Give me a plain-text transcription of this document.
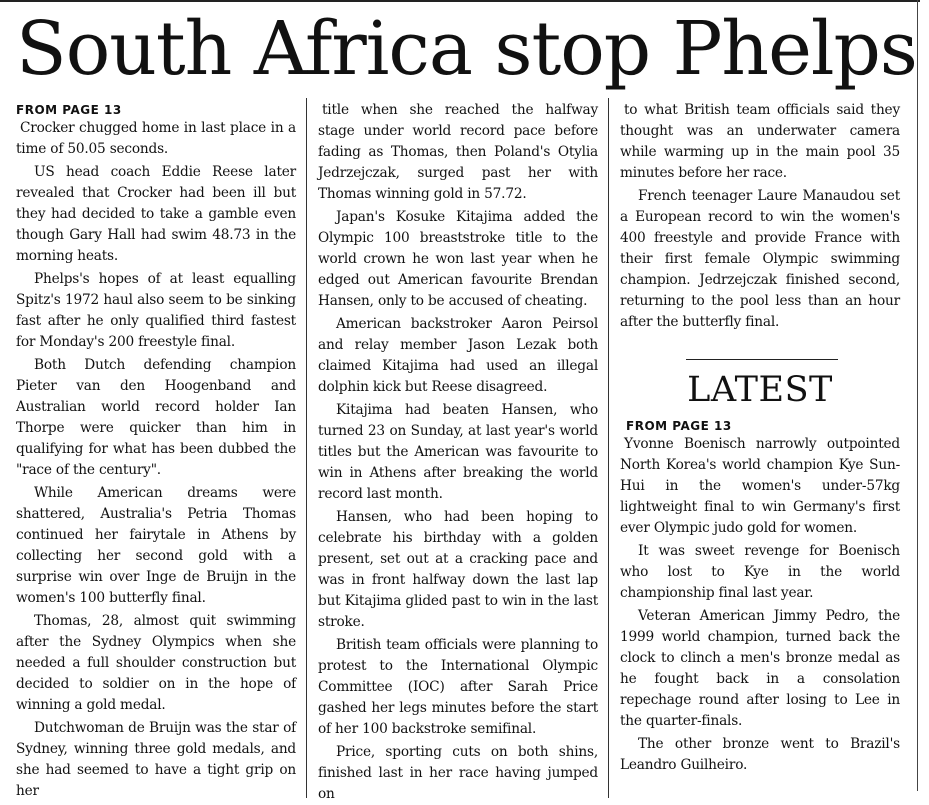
South Africa stop Phelps
FROM PAGE 13

Crocker chugged home in last place in a time of 50.05 seconds.

US head coach Eddie Reese later revealed that Crocker had been ill but they had decided to take a gamble even though Gary Hall had swim 48.73 in the morning heats.

Phelps's hopes of at least equalling Spitz's 1972 haul also seem to be sinking fast after he only qualified third fastest for Monday's 200 freestyle final.

Both Dutch defending champion Pieter van den Hoogenband and Australian world record holder Ian Thorpe were quicker than him in qualifying for what has been dubbed the "race of the century".

While American dreams were shattered, Australia's Petria Thomas continued her fairytale in Athens by collecting her second gold with a surprise win over Inge de Bruijn in the women's 100 butterfly final.

Thomas, 28, almost quit swimming after the Sydney Olympics when she needed a full shoulder construction but decided to soldier on in the hope of winning a gold medal.

Dutchwoman de Bruijn was the star of Sydney, winning three gold medals, and she had seemed to have a tight grip on her

title when she reached the halfway stage under world record pace before fading as Thomas, then Poland's Otylia Jedrzejczak, surged past her with Thomas winning gold in 57.72.

Japan's Kosuke Kitajima added the Olympic 100 breaststroke title to the world crown he won last year when he edged out American favourite Brendan Hansen, only to be accused of cheating.

American backstroker Aaron Peirsol and relay member Jason Lezak both claimed Kitajima had used an illegal dolphin kick but Reese disagreed.

Kitajima had beaten Hansen, who turned 23 on Sunday, at last year's world titles but the American was favourite to win in Athens after breaking the world record last month.

Hansen, who had been hoping to celebrate his birthday with a golden present, set out at a cracking pace and was in front halfway down the last lap but Kitajima glided past to win in the last stroke.

British team officials were planning to protest to the International Olympic Committee (IOC) after Sarah Price gashed her legs minutes before the start of her 100 backstroke semifinal.

Price, sporting cuts on both shins, finished last in her race having jumped on

to what British team officials said they thought was an underwater camera while warming up in the main pool 35 minutes before her race.

French teenager Laure Manaudou set a European record to win the women's 400 freestyle and provide France with their first female Olympic swimming champion. Jedrzejczak finished second, returning to the pool less than an hour after the butterfly final.

LATEST
FROM PAGE 13

Yvonne Boenisch narrowly outpointed North Korea's world champion Kye Sun-Hui in the women's under-57kg lightweight final to win Germany's first ever Olympic judo gold for women.

It was sweet revenge for Boenisch who lost to Kye in the world championship final last year.

Veteran American Jimmy Pedro, the 1999 world champion, turned back the clock to clinch a men's bronze medal as he fought back in a consolation repechage round after losing to Lee in the quarter-finals.

The other bronze went to Brazil's Leandro Guilheiro.
